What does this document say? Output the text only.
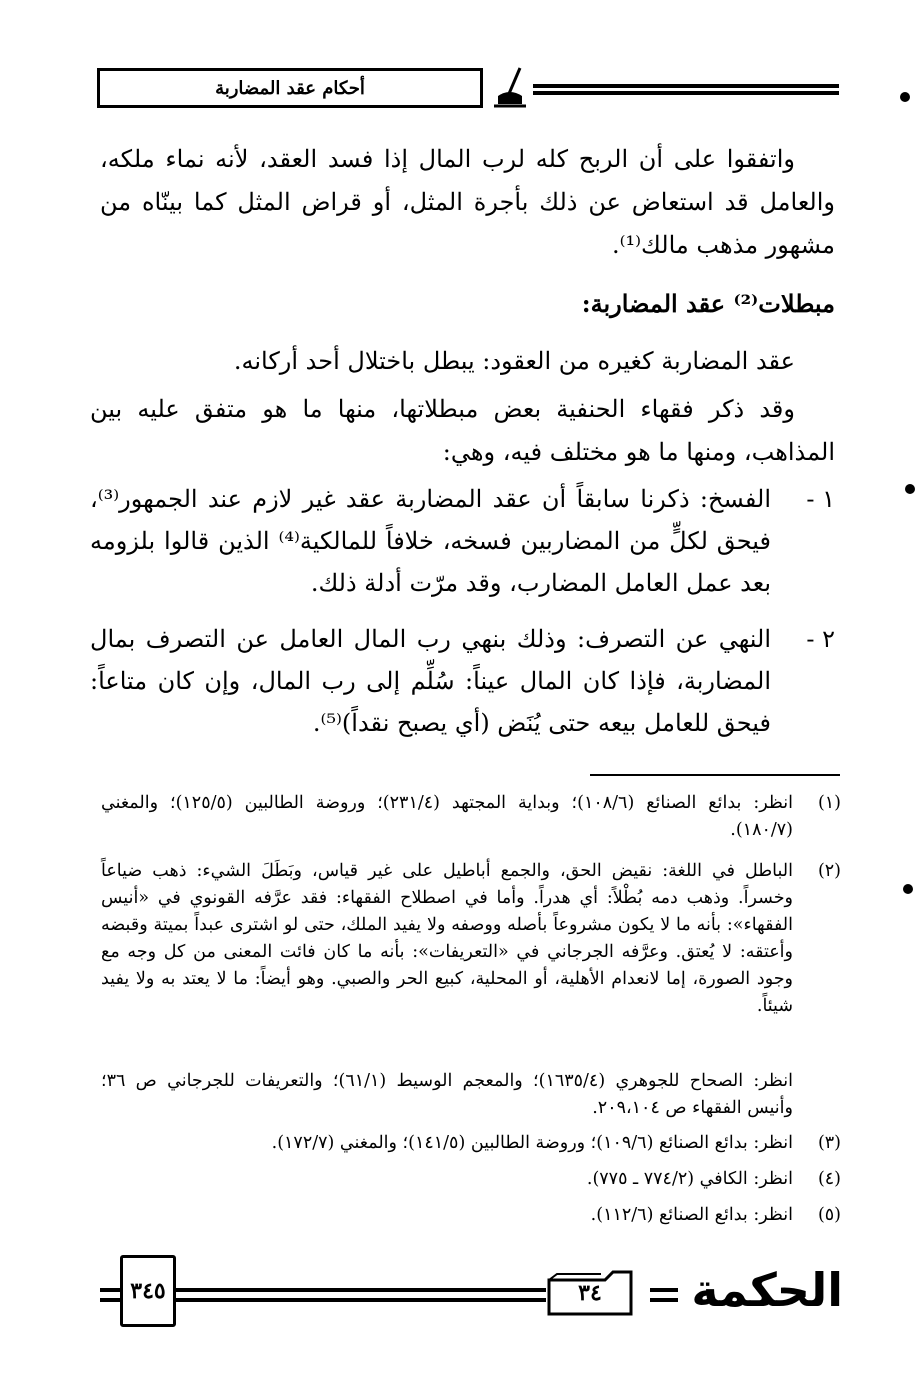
أحكام عقد المضاربة
واتفقوا على أن الربح كله لرب المال إذا فسد العقد، لأنه نماء ملكه، والعامل قد استعاض عن ذلك بأجرة المثل، أو قراض المثل كما بينّاه من مشهور مذهب مالك⁽¹⁾.
مبطلات⁽²⁾ عقد المضاربة:
عقد المضاربة كغيره من العقود: يبطل باختلال أحد أركانه.
وقد ذكر فقهاء الحنفية بعض مبطلاتها، منها ما هو متفق عليه بين المذاهب، ومنها ما هو مختلف فيه، وهي:
١ -
الفسخ: ذكرنا سابقاً أن عقد المضاربة عقد غير لازم عند الجمهور⁽³⁾، فيحق لكلٍّ من المضاربين فسخه، خلافاً للمالكية⁽⁴⁾ الذين قالوا بلزومه بعد عمل العامل المضارب، وقد مرّت أدلة ذلك.
٢ -
النهي عن التصرف: وذلك بنهي رب المال العامل عن التصرف بمال المضاربة، فإذا كان المال عيناً: سُلِّم إلى رب المال، وإن كان متاعاً: فيحق للعامل بيعه حتى يُنَض (أي يصبح نقداً)⁽⁵⁾.
(١)
انظر: بدائع الصنائع (١٠٨/٦)؛ وبداية المجتهد (٢٣١/٤)؛ وروضة الطالبين (١٢٥/٥)؛ والمغني (١٨٠/٧).
(٢)
الباطل في اللغة: نقيض الحق، والجمع أباطيل على غير قياس، وبَطَلَ الشيء: ذهب ضياعاً وخسراً. وذهب دمه بُطْلاً: أي هدراً. وأما في اصطلاح الفقهاء: فقد عرَّفه القونوي في «أنيس الفقهاء»: بأنه ما لا يكون مشروعاً بأصله ووصفه ولا يفيد الملك، حتى لو اشترى عبداً بميتة وقبضه وأعتقه: لا يُعتق. وعرَّفه الجرجاني في «التعريفات»: بأنه ما كان فائت المعنى من كل وجه مع وجود الصورة، إما لانعدام الأهلية، أو المحلية، كبيع الحر والصبي. وهو أيضاً: ما لا يعتد به ولا يفيد شيئاً.
انظر: الصحاح للجوهري (١٦٣٥/٤)؛ والمعجم الوسيط (٦١/١)؛ والتعريفات للجرجاني ص ٣٦؛ وأنيس الفقهاء ص ٢٠٩،١٠٤.
(٣)
انظر: بدائع الصنائع (١٠٩/٦)؛ وروضة الطالبين (١٤١/٥)؛ والمغني (١٧٢/٧).
(٤)
انظر: الكافي (٧٧٤/٢ ـ ٧٧٥).
(٥)
انظر: بدائع الصنائع (١١٢/٦).
٣٤٥	٣٤ الحكمة
